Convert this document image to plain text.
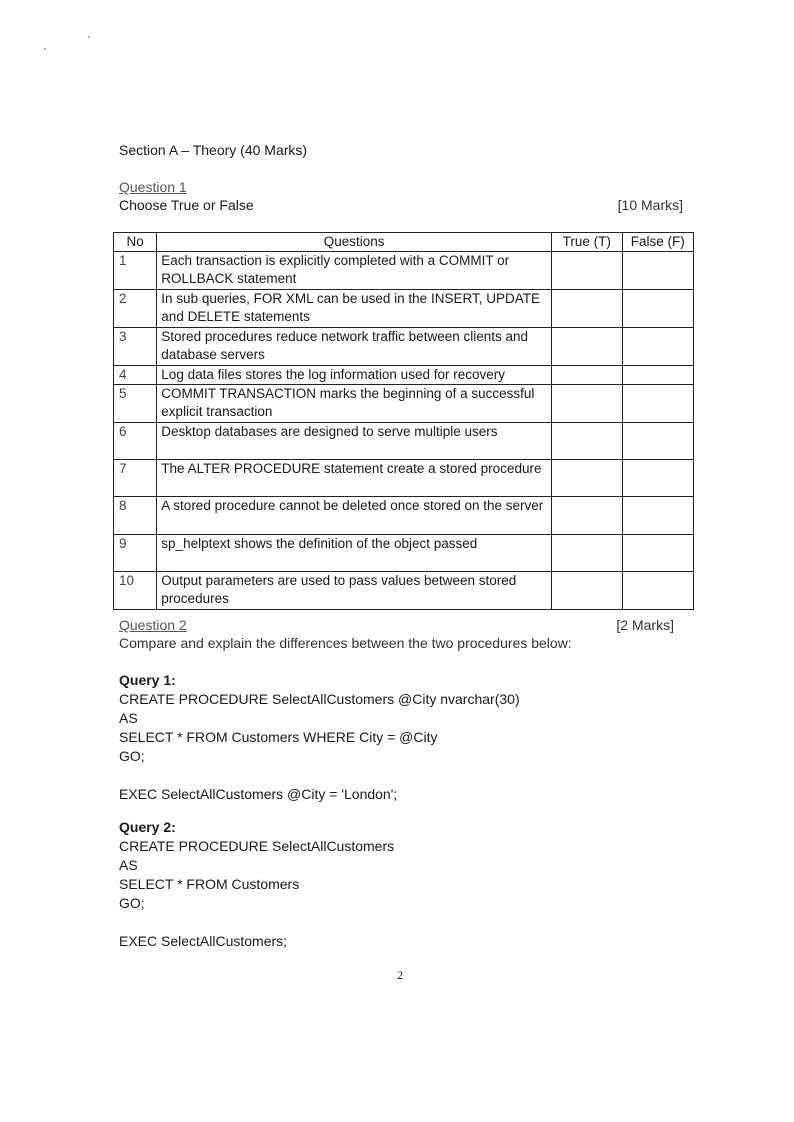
Section A – Theory (40 Marks)
Question 1
Choose True or False	[10 Marks]
No	Questions	True (T)	False (F)
1	Each transaction is explicitly completed with a COMMIT or ROLLBACK statement		
2	In sub queries, FOR XML can be used in the INSERT, UPDATE and DELETE statements		
3	Stored procedures reduce network traffic between clients and database servers		
4	Log data files stores the log information used for recovery		
5	COMMIT TRANSACTION marks the beginning of a successful explicit transaction		
6	Desktop databases are designed to serve multiple users		
7	The ALTER PROCEDURE statement create a stored procedure		
8	A stored procedure cannot be deleted once stored on the server		
9	sp_helptext shows the definition of the object passed		
10	Output parameters are used to pass values between stored procedures		
Question 2	[2 Marks]
Compare and explain the differences between the two procedures below:
Query 1:
CREATE PROCEDURE SelectAllCustomers @City nvarchar(30)
AS
SELECT * FROM Customers WHERE City = @City
GO;
EXEC SelectAllCustomers @City = 'London';
Query 2:
CREATE PROCEDURE SelectAllCustomers
AS
SELECT * FROM Customers
GO;
EXEC SelectAllCustomers;
2
